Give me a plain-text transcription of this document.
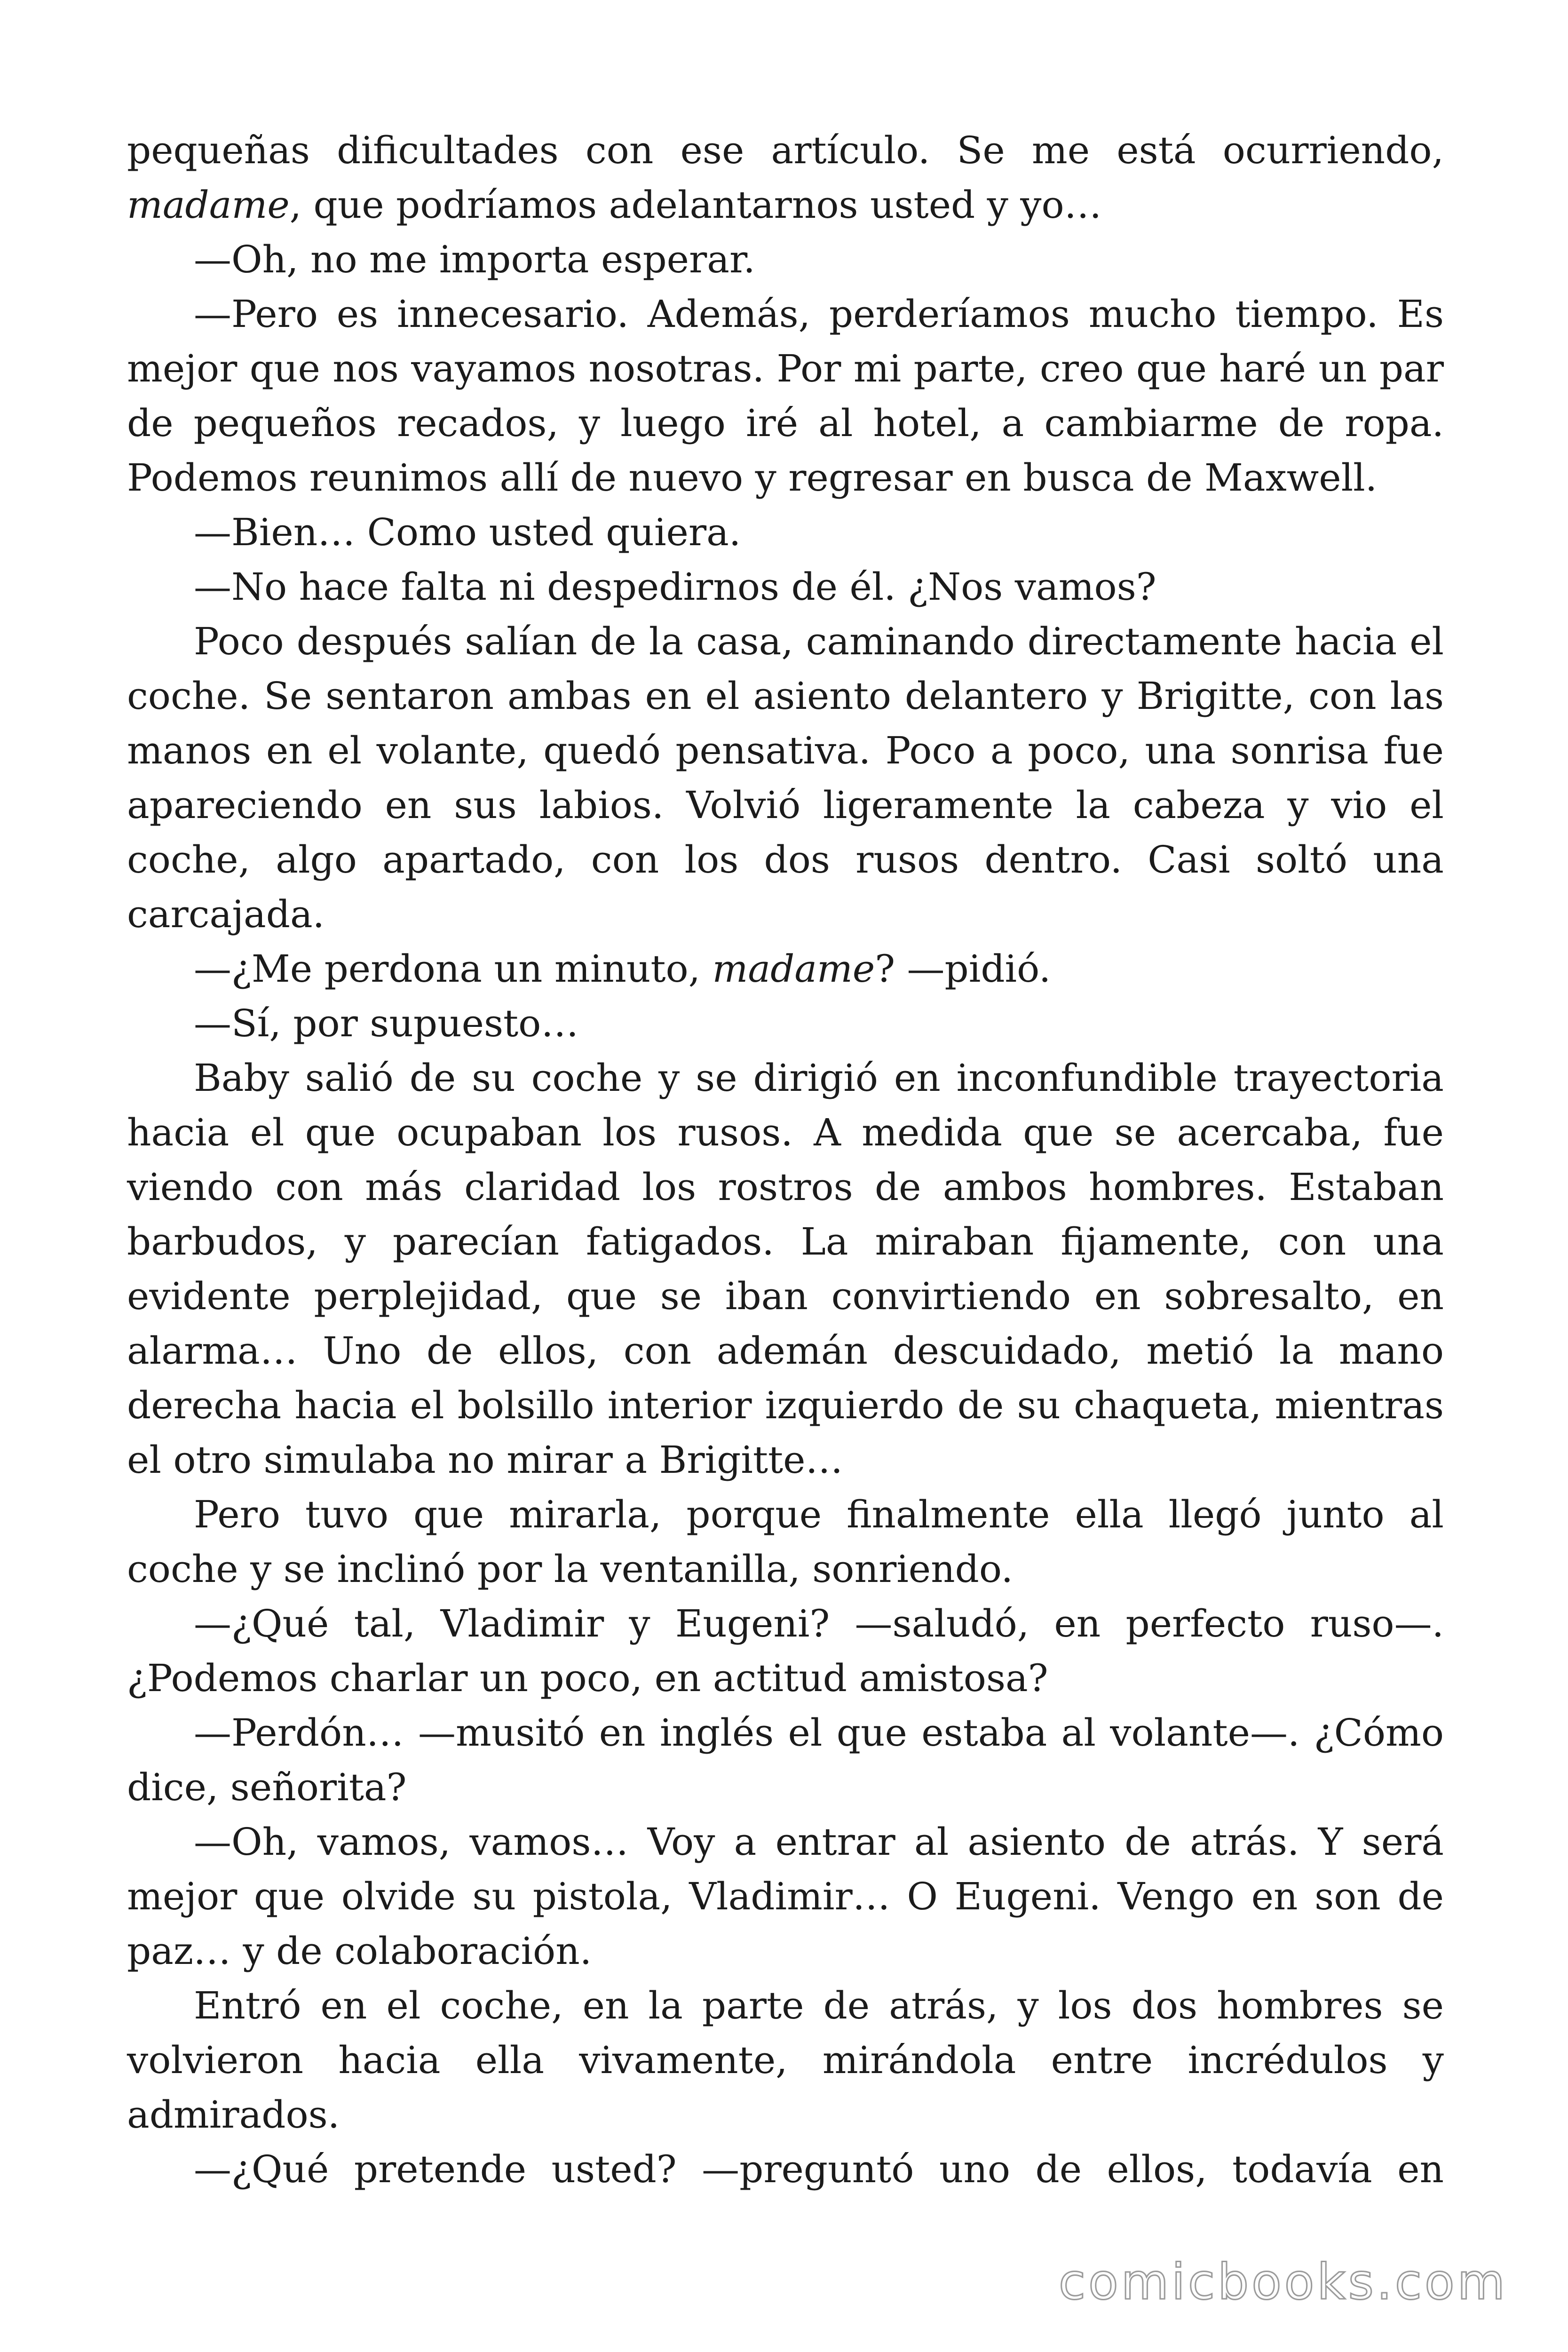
pequeñas dificultades con ese artículo. Se me está ocurriendo, madame, que podríamos adelantarnos usted y yo…

—Oh, no me importa esperar.

—Pero es innecesario. Además, perderíamos mucho tiempo. Es mejor que nos vayamos nosotras. Por mi parte, creo que haré un par de pequeños recados, y luego iré al hotel, a cambiarme de ropa. Podemos reunimos allí de nuevo y regresar en busca de Maxwell.

—Bien… Como usted quiera.

—No hace falta ni despedirnos de él. ¿Nos vamos?

Poco después salían de la casa, caminando directamente hacia el coche. Se sentaron ambas en el asiento delantero y Brigitte, con las manos en el volante, quedó pensativa. Poco a poco, una sonrisa fue apareciendo en sus labios. Volvió ligeramente la cabeza y vio el coche, algo apartado, con los dos rusos dentro. Casi soltó una carcajada.

—¿Me perdona un minuto, madame? —pidió.

—Sí, por supuesto…

Baby salió de su coche y se dirigió en inconfundible trayectoria hacia el que ocupaban los rusos. A medida que se acercaba, fue viendo con más claridad los rostros de ambos hombres. Estaban barbudos, y parecían fatigados. La miraban fijamente, con una evidente perplejidad, que se iban convirtiendo en sobresalto, en alarma… Uno de ellos, con ademán descuidado, metió la mano derecha hacia el bolsillo interior izquierdo de su chaqueta, mientras el otro simulaba no mirar a Brigitte…

Pero tuvo que mirarla, porque finalmente ella llegó junto al coche y se inclinó por la ventanilla, sonriendo.

—¿Qué tal, Vladimir y Eugeni? —saludó, en perfecto ruso—. ¿Podemos charlar un poco, en actitud amistosa?

—Perdón… —musitó en inglés el que estaba al volante—. ¿Cómo dice, señorita?

—Oh, vamos, vamos… Voy a entrar al asiento de atrás. Y será mejor que olvide su pistola, Vladimir… O Eugeni. Vengo en son de paz… y de colaboración.

Entró en el coche, en la parte de atrás, y los dos hombres se volvieron hacia ella vivamente, mirándola entre incrédulos y admirados.

—¿Qué pretende usted? —preguntó uno de ellos, todavía en

comicbooks.com
